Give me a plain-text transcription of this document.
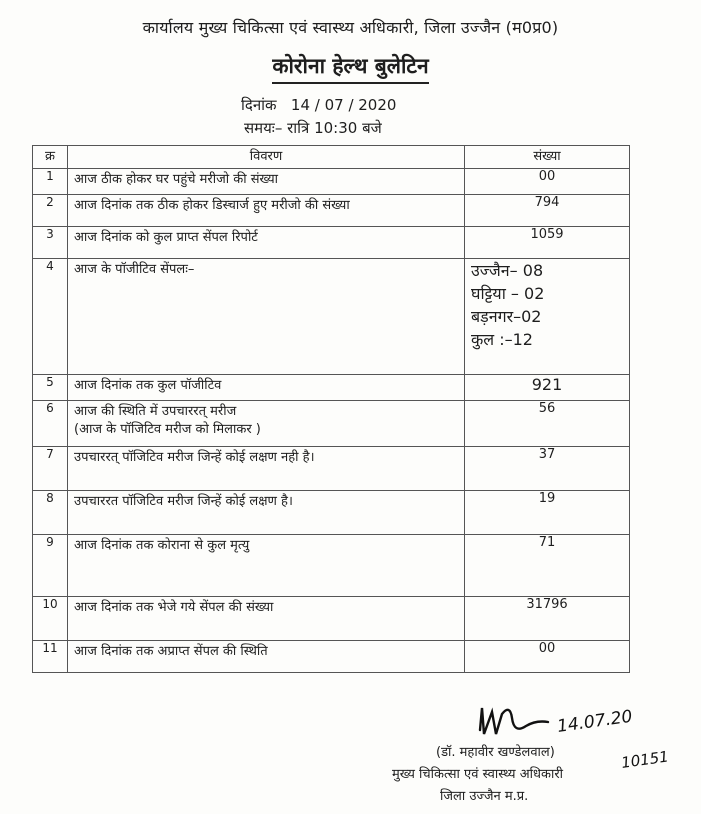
कार्यालय मुख्य चिकित्सा एवं स्वास्थ्य अधिकारी, जिला उज्जैन (म0प्र0)
कोरोना हेल्थ बुलेटिन
दिनांक 14 / 07 / 2020
समयः– रात्रि 10:30 बजे
क्र	विवरण	संख्या
1	आज ठीक होकर घर पहुंचे मरीजो की संख्या	00
2	आज दिनांक तक ठीक होकर डिस्चार्ज हुए मरीजो की संख्या	794
3	आज दिनांक को कुल प्राप्त सेंपल रिपोर्ट	1059
4	आज के पॉजीटिव सेंपलः–	उज्जैन– 08
घट्टिया – 02
बड़नगर–02
कुल :–12

5	आज दिनांक तक कुल पॉजीटिव	921
6	आज की स्थिति में उपचाररत् मरीज
(आज के पॉजिटिव मरीज को मिलाकर )	56
7	उपचाररत् पॉजिटिव मरीज जिन्हें कोई लक्षण नही है।	37
8	उपचाररत पॉजिटिव मरीज जिन्हें कोई लक्षण है।	19
9	आज दिनांक तक कोराना से कुल मृत्यु	71
10	आज दिनांक तक भेजे गये सेंपल की संख्या	31796
11	आज दिनांक तक अप्राप्त सेंपल की स्थिति	00
14.07.20
10151
(डॉ. महावीर खण्डेलवाल)
मुख्य चिकित्सा एवं स्वास्थ्य अधिकारी
जिला उज्जैन म.प्र.
